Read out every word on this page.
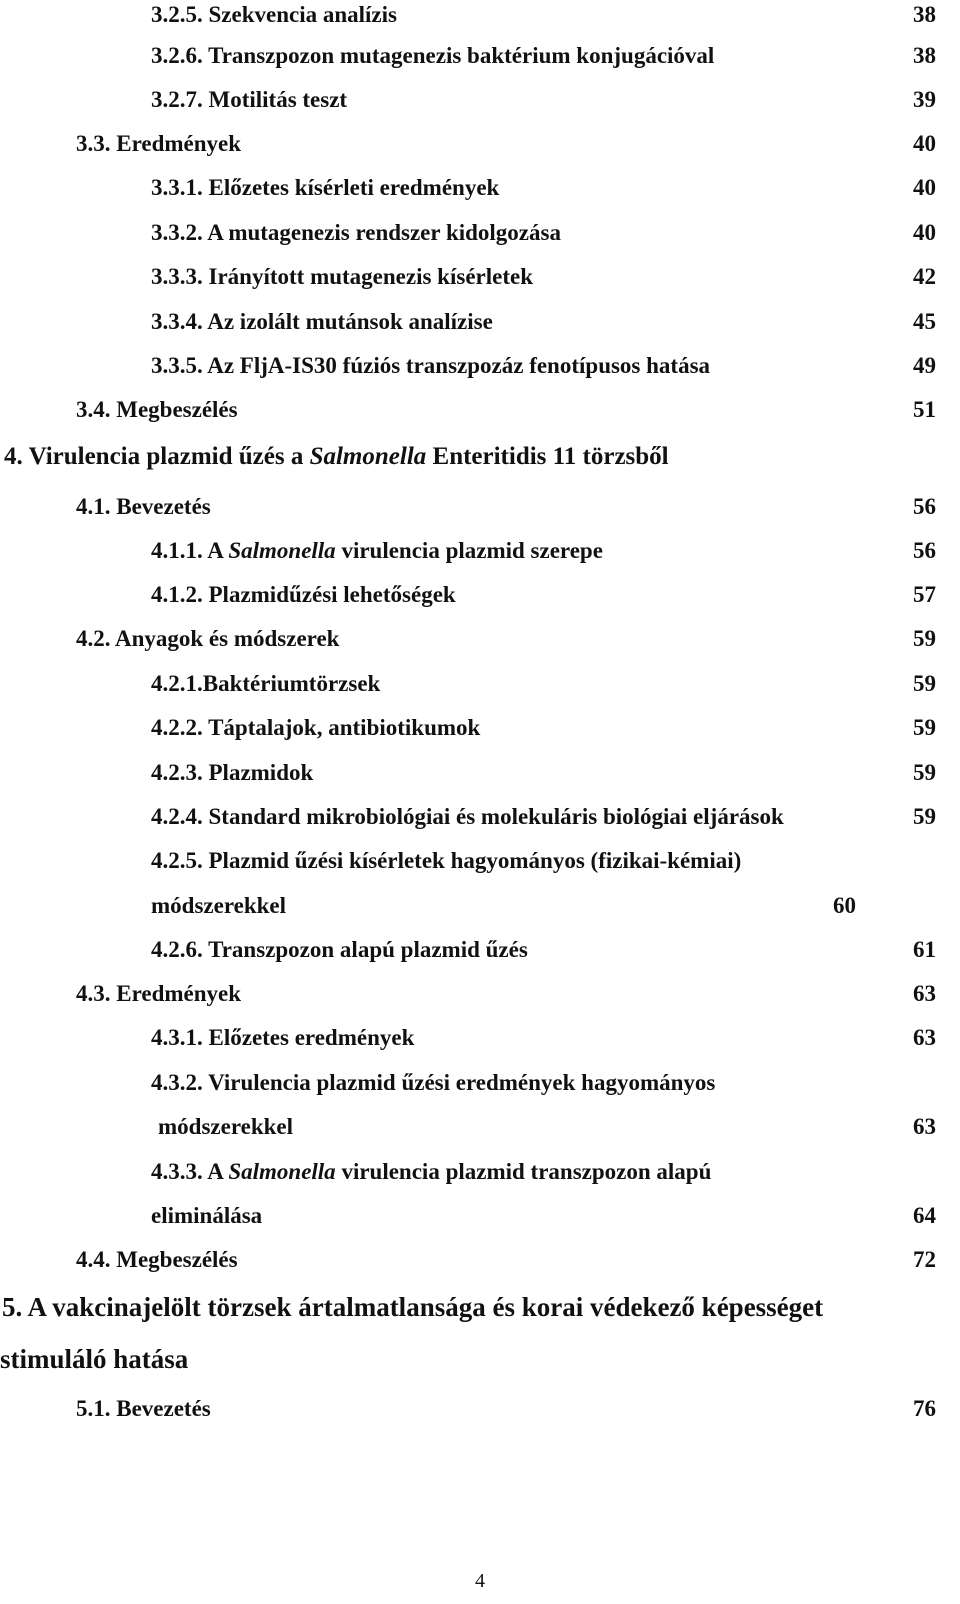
3.2.5. Szekvencia analízis	38
3.2.6. Transzpozon mutagenezis baktérium konjugációval	38
3.2.7. Motilitás teszt	39
3.3. Eredmények	40
3.3.1. Előzetes kísérleti eredmények	40
3.3.2. A mutagenezis rendszer kidolgozása	40
3.3.3. Irányított mutagenezis kísérletek	42
3.3.4. Az izolált mutánsok analízise	45
3.3.5. Az FljA-IS30 fúziós transzpozáz fenotípusos hatása	49
3.4. Megbeszélés	51
4. Virulencia plazmid űzés a Salmonella Enteritidis 11 törzsből
4.1. Bevezetés	56
4.1.1. A Salmonella virulencia plazmid szerepe	56
4.1.2. Plazmidűzési lehetőségek	57
4.2. Anyagok és módszerek	59
4.2.1.Baktériumtörzsek	59
4.2.2. Táptalajok, antibiotikumok	59
4.2.3. Plazmidok	59
4.2.4. Standard mikrobiológiai és molekuláris biológiai eljárások	59
4.2.5. Plazmid űzési kísérletek hagyományos (fizikai-kémiai)
módszerekkel	60
4.2.6. Transzpozon alapú plazmid űzés	61
4.3. Eredmények	63
4.3.1. Előzetes eredmények	63
4.3.2. Virulencia plazmid űzési eredmények hagyományos
módszerekkel	63
4.3.3. A Salmonella virulencia plazmid transzpozon alapú
eliminálása	64
4.4. Megbeszélés	72
5. A vakcinajelölt törzsek ártalmatlansága és korai védekező képességet
stimuláló hatása
5.1. Bevezetés	76
4
